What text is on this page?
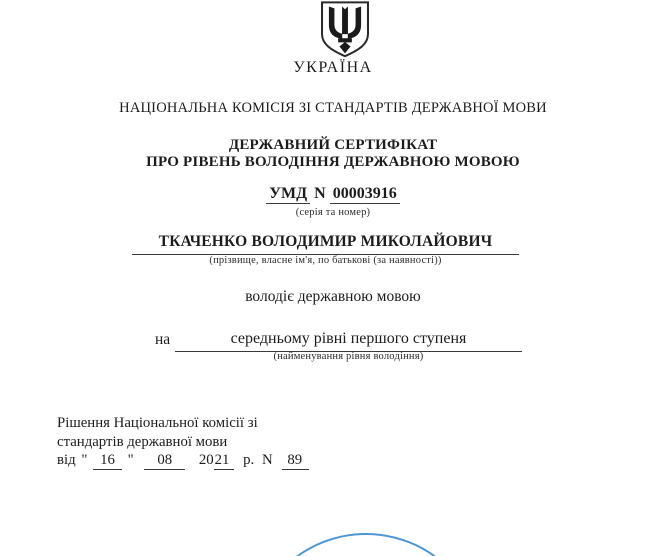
УКРАЇНА
НАЦІОНАЛЬНА КОМІСІЯ ЗІ СТАНДАРТІВ ДЕРЖАВНОЇ МОВИ
ДЕРЖАВНИЙ СЕРТИФІКАТ
ПРО РІВЕНЬ ВОЛОДІННЯ ДЕРЖАВНОЮ МОВОЮ
УМД N 00003916
(серія та номер)
володіє державною мовою
ТКАЧЕНКО ВОЛОДИМИР МИКОЛАЙОВИЧ
(прізвище, власне ім'я, по батькові (за наявності))
на	середньому рівні першого ступеня
(найменування рівня володіння)
Рішення Національної комісії зі
стандартів державної мови
від " 16 " 08 2021 р. N 89
